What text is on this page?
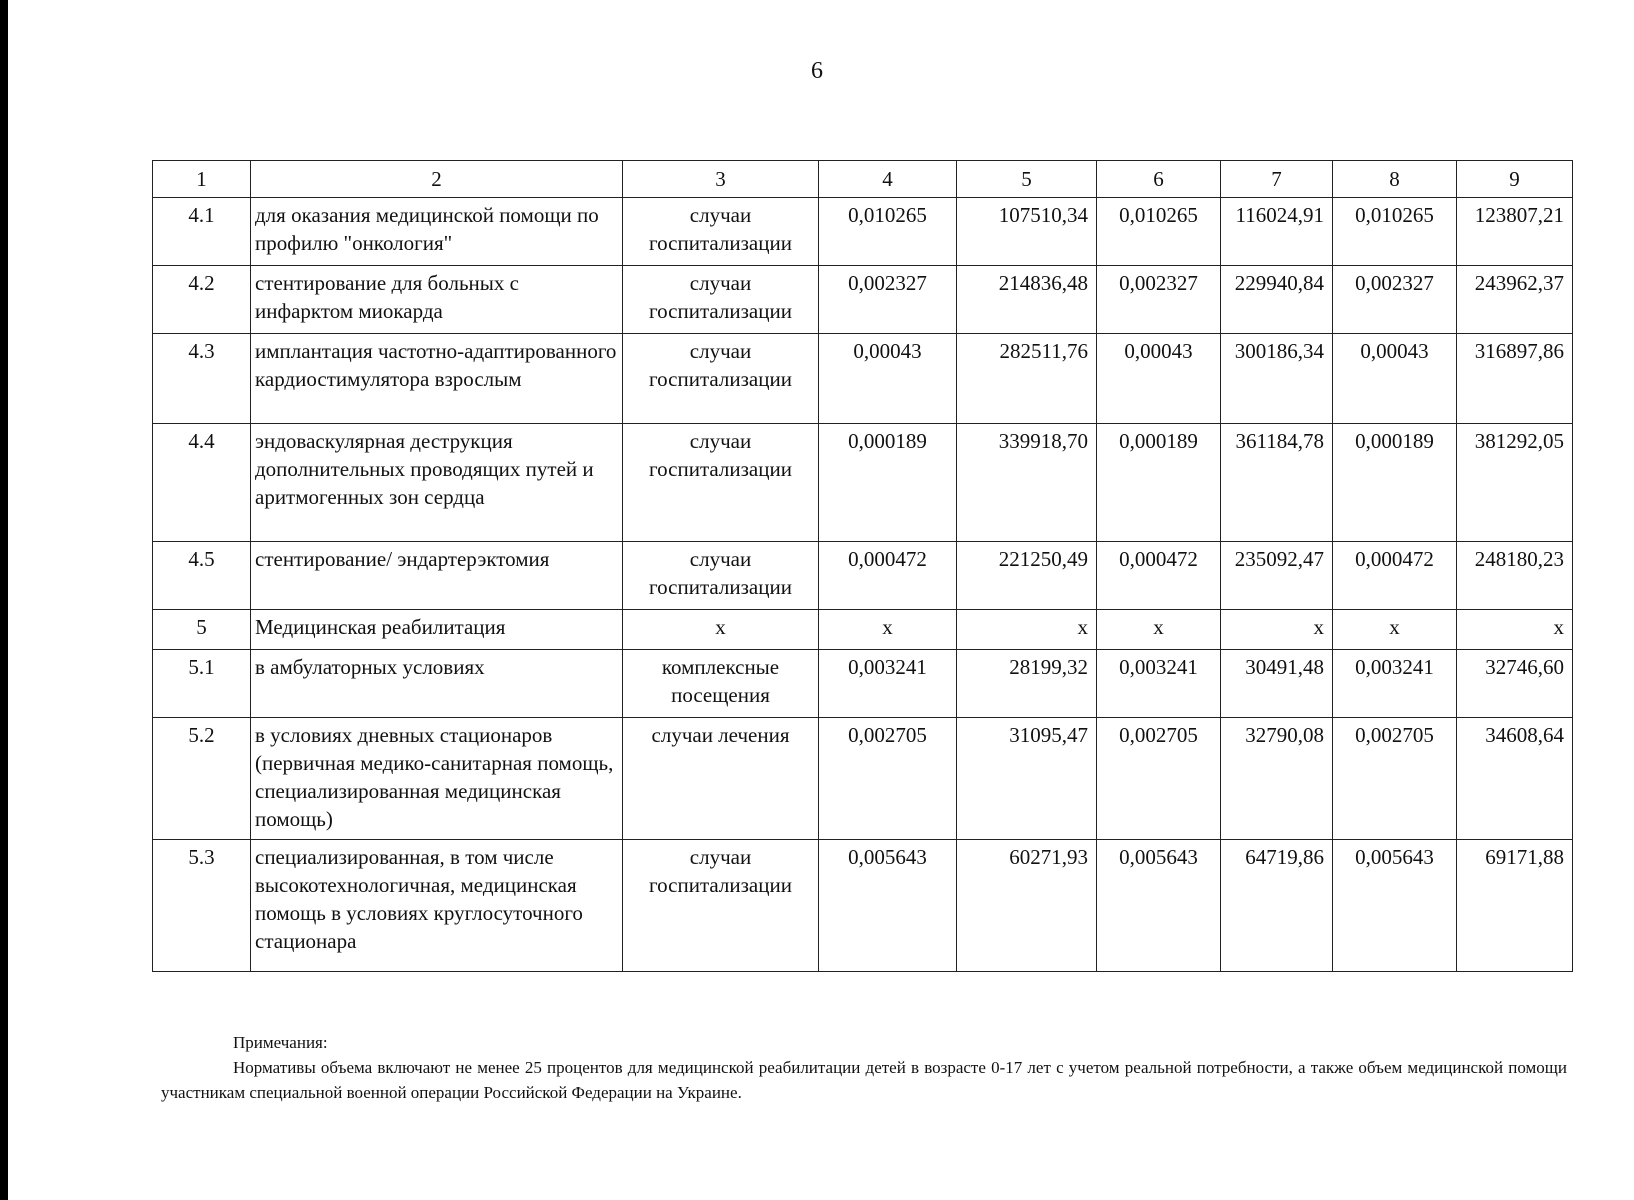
6
1	2	3	4	5	6	7	8	9
4.1	для оказания медицинской помощи по профилю "онкология"	случаи госпитализации	0,010265	107510,34	0,010265	116024,91	0,010265	123807,21
4.2	стентирование для больных с инфарктом миокарда	случаи госпитализации	0,002327	214836,48	0,002327	229940,84	0,002327	243962,37
4.3	имплантация частотно-адаптированного кардиостимулятора взрослым	случаи госпитализации	0,00043	282511,76	0,00043	300186,34	0,00043	316897,86
4.4	эндоваскулярная деструкция дополнительных проводящих путей и аритмогенных зон сердца	случаи госпитализации	0,000189	339918,70	0,000189	361184,78	0,000189	381292,05
4.5	стентирование/ эндартерэктомия	случаи госпитализации	0,000472	221250,49	0,000472	235092,47	0,000472	248180,23
5	Медицинская реабилитация	х	х	х	х	х	х	х
5.1	в амбулаторных условиях	комплексные посещения	0,003241	28199,32	0,003241	30491,48	0,003241	32746,60
5.2	в условиях дневных стационаров (первичная медико-санитарная помощь, специализированная медицинская помощь)	случаи лечения	0,002705	31095,47	0,002705	32790,08	0,002705	34608,64
5.3	специализированная, в том числе высокотехнологичная, медицинская помощь в условиях круглосуточного стационара	случаи госпитализации	0,005643	60271,93	0,005643	64719,86	0,005643	69171,88
Примечания:
Нормативы объема включают не менее 25 процентов для медицинской реабилитации детей в возрасте 0-17 лет с учетом реальной потребности, а также объем медицинской помощи участникам специальной военной операции Российской Федерации на Украине.
